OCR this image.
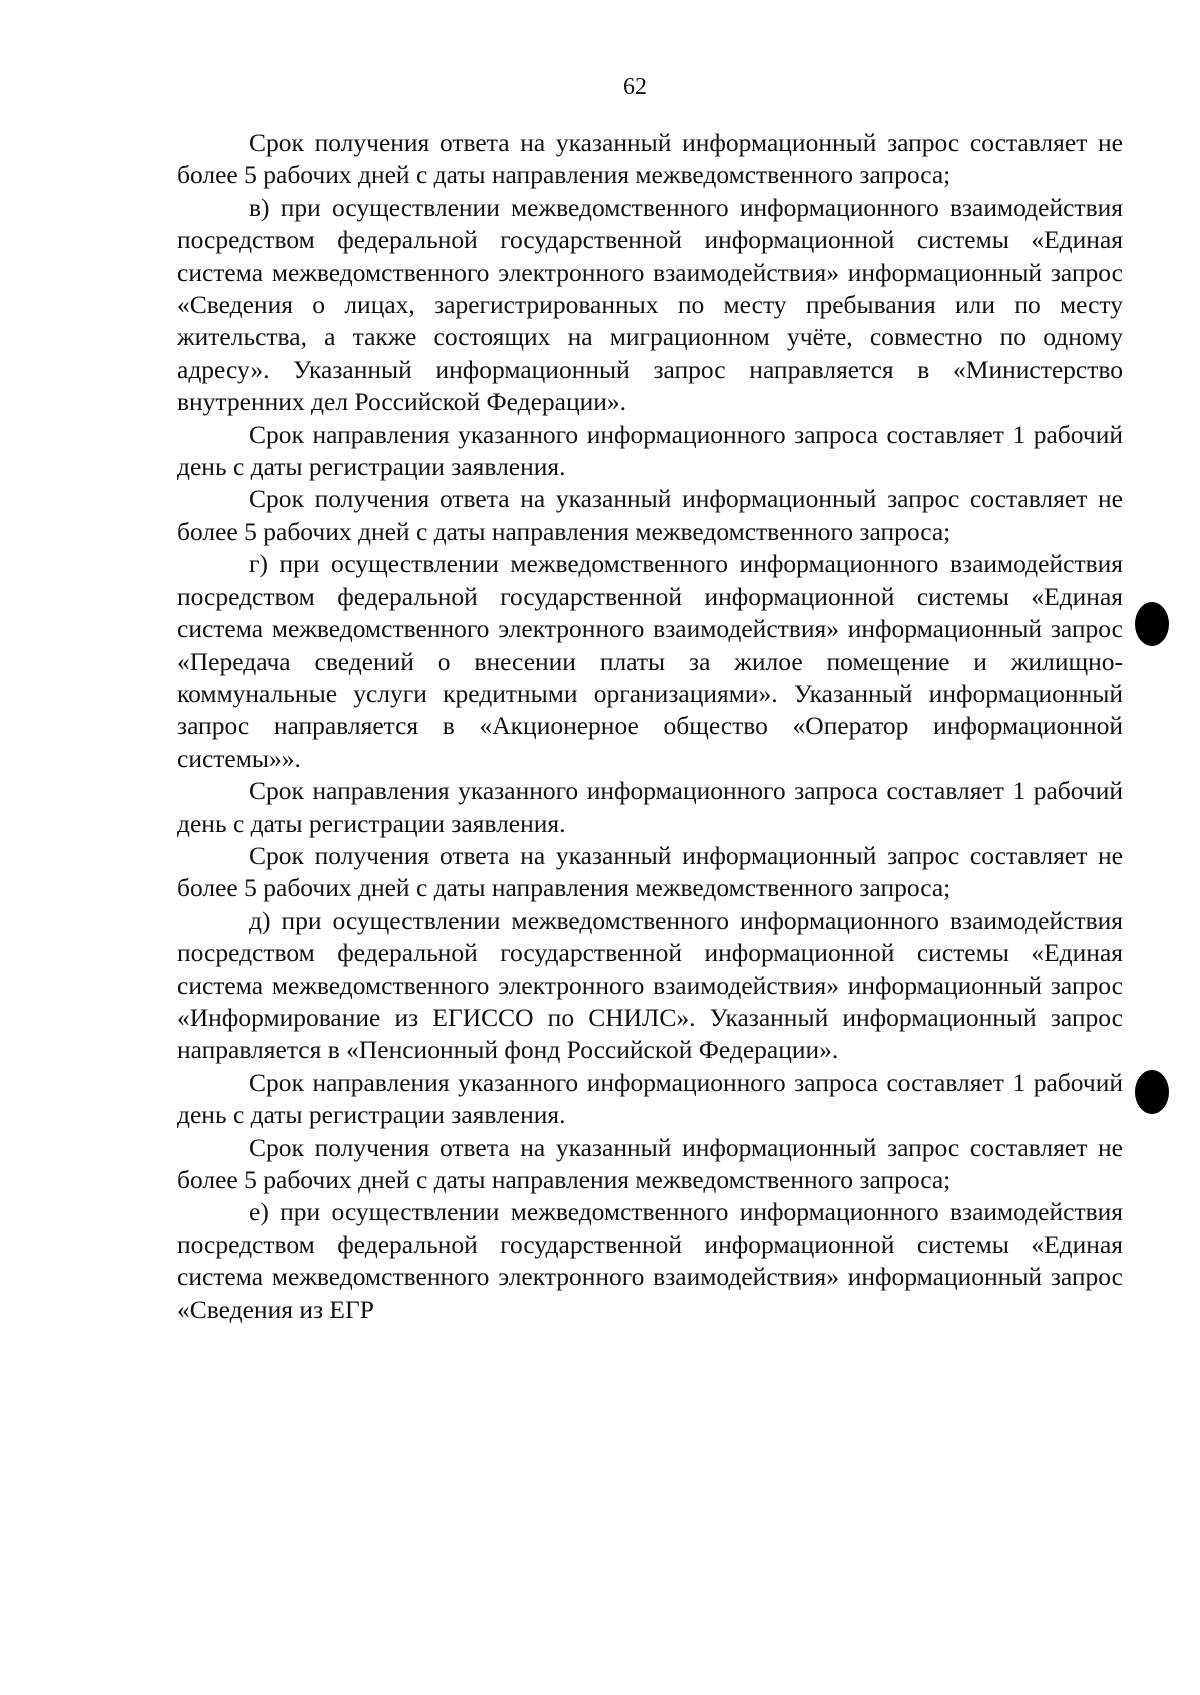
62

Срок получения ответа на указанный информационный запрос составляет не более 5 рабочих дней с даты направления межведомственного запроса;

в) при осуществлении межведомственного информационного взаимодействия посредством федеральной государственной информационной системы «Единая система межведомственного электронного взаимодействия» информационный запрос «Сведения о лицах, зарегистрированных по месту пребывания или по месту жительства, а также состоящих на миграционном учёте, совместно по одному адресу». Указанный информационный запрос направляется в «Министерство внутренних дел Российской Федерации».

Срок направления указанного информационного запроса составляет 1 рабочий день с даты регистрации заявления.

Срок получения ответа на указанный информационный запрос составляет не более 5 рабочих дней с даты направления межведомственного запроса;

г) при осуществлении межведомственного информационного взаимодействия посредством федеральной государственной информационной системы «Единая система межведомственного электронного взаимодействия» информационный запрос «Передача сведений о внесении платы за жилое помещение и жилищно-коммунальные услуги кредитными организациями». Указанный информационный запрос направляется в «Акционерное общество «Оператор информационной системы»».

Срок направления указанного информационного запроса составляет 1 рабочий день с даты регистрации заявления.

Срок получения ответа на указанный информационный запрос составляет не более 5 рабочих дней с даты направления межведомственного запроса;

д) при осуществлении межведомственного информационного взаимодействия посредством федеральной государственной информационной системы «Единая система межведомственного электронного взаимодействия» информационный запрос «Информирование из ЕГИССО по СНИЛС». Указанный информационный запрос направляется в «Пенсионный фонд Российской Федерации».

Срок направления указанного информационного запроса составляет 1 рабочий день с даты регистрации заявления.

Срок получения ответа на указанный информационный запрос составляет не более 5 рабочих дней с даты направления межведомственного запроса;

е) при осуществлении межведомственного информационного взаимодействия посредством федеральной государственной информационной системы «Единая система межведомственного электронного взаимодействия» информационный запрос «Сведения из ЕГР
